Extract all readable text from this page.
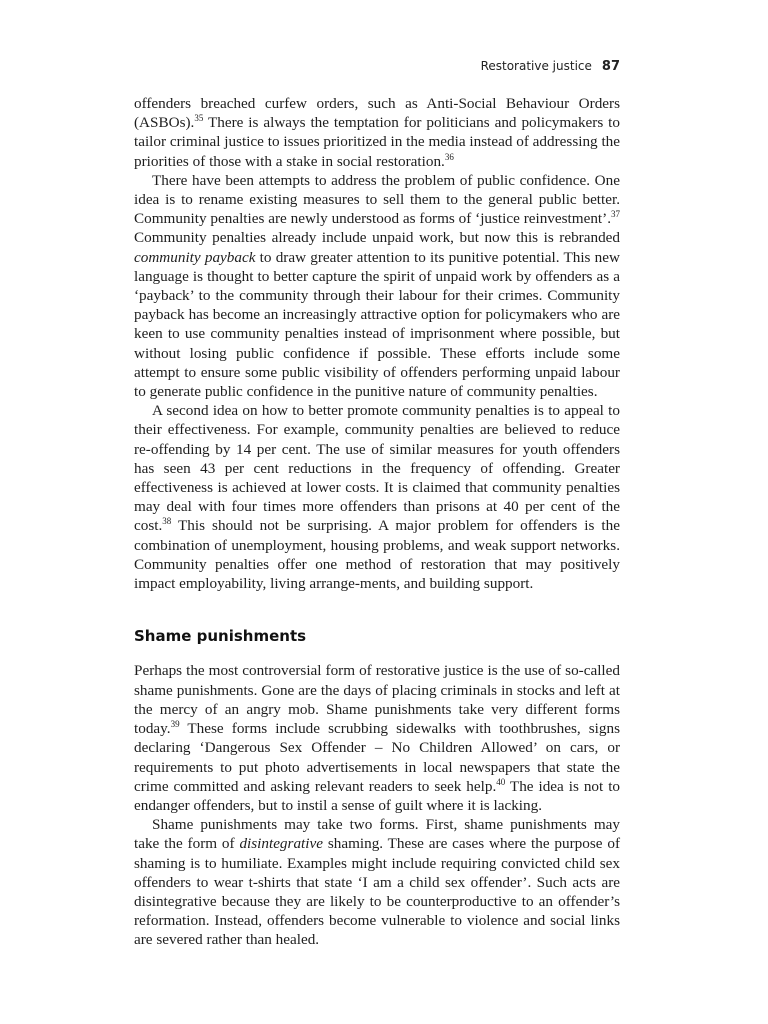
Restorative justice 87

offenders breached curfew orders, such as Anti-Social Behaviour Orders (ASBOs).$^{35}$ There is always the temptation for politicians and policymakers to tailor criminal justice to issues prioritized in the media instead of addressing the priorities of those with a stake in social restoration.$^{36}$

There have been attempts to address the problem of public confidence. One idea is to rename existing measures to sell them to the general public better. Community penalties are newly understood as forms of ‘justice reinvestment’.$^{37}$ Community penalties already include unpaid work, but now this is rebranded community payback to draw greater attention to its punitive potential. This new language is thought to better capture the spirit of unpaid work by offenders as a ‘payback’ to the community through their labour for their crimes. Community payback has become an increasingly attractive option for policymakers who are keen to use community penalties instead of imprisonment where possible, but without losing public confidence if possible. These efforts include some attempt to ensure some public visibility of offenders performing unpaid labour to generate public confidence in the punitive nature of community penalties.

A second idea on how to better promote community penalties is to appeal to their effectiveness. For example, community penalties are believed to reduce re-offending by 14 per cent. The use of similar measures for youth offenders has seen 43 per cent reductions in the frequency of offending. Greater effectiveness is achieved at lower costs. It is claimed that community penalties may deal with four times more offenders than prisons at 40 per cent of the cost.$^{38}$ This should not be surprising. A major problem for offenders is the combination of unemployment, housing problems, and weak support networks. Community penalties offer one method of restoration that may positively impact employability, living arrange-ments, and building support.

Shame punishments

Perhaps the most controversial form of restorative justice is the use of so-called shame punishments. Gone are the days of placing criminals in stocks and left at the mercy of an angry mob. Shame punishments take very different forms today.$^{39}$ These forms include scrubbing sidewalks with toothbrushes, signs declaring ‘Dangerous Sex Offender – No Children Allowed’ on cars, or requirements to put photo advertisements in local newspapers that state the crime committed and asking relevant readers to seek help.$^{40}$ The idea is not to endanger offenders, but to instil a sense of guilt where it is lacking.

Shame punishments may take two forms. First, shame punishments may take the form of disintegrative shaming. These are cases where the purpose of shaming is to humiliate. Examples might include requiring convicted child sex offenders to wear t-shirts that state ‘I am a child sex offender’. Such acts are disintegrative because they are likely to be counterproductive to an offender’s reformation. Instead, offenders become vulnerable to violence and social links are severed rather than healed.
